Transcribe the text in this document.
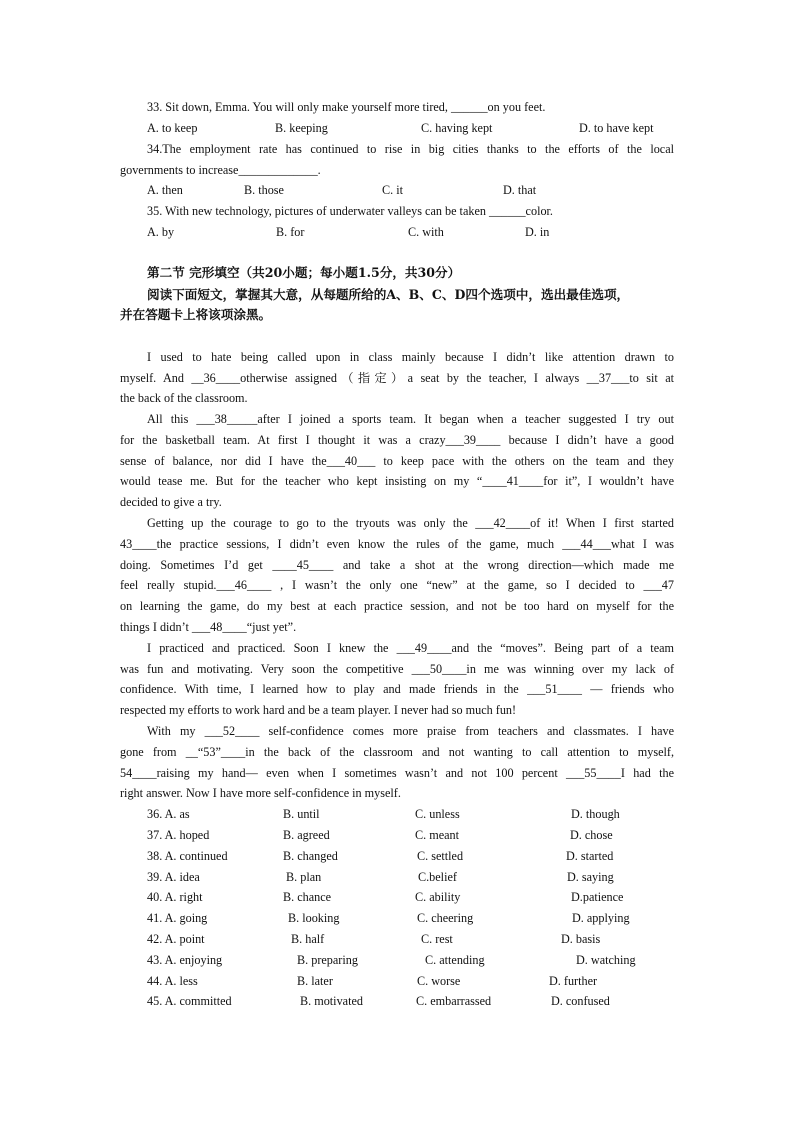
33. Sit down, Emma. You will only make yourself more tired, ______on you feet.
A. to keep	B. keeping	C. having kept	D. to have kept
34.The employment rate has continued to rise in big cities thanks to the efforts of the local
governments to increase_____________.
A. then	B. those	C. it	D. that
35. With new technology, pictures of underwater valleys can be taken ______color.
A. by	B. for	C. with	D. in
第二节 完形填空（共20小题；每小题1.5分，共30分）
阅读下面短文，掌握其大意，从每题所给的A、B、C、D四个选项中，选出最佳选项，
并在答题卡上将该项涂黑。
I used to hate being called upon in class mainly because I didn’t like attention drawn to
myself. And __36____otherwise assigned（指定）a seat by the teacher, I always __37___to sit at
the back of the classroom.
All this ___38_____after I joined a sports team. It began when a teacher suggested I try out
for the basketball team. At first I thought it was a crazy___39____ because I didn’t have a good
sense of balance, nor did I have the___40___ to keep pace with the others on the team and they
would tease me. But for the teacher who kept insisting on my “____41____for it”, I wouldn’t have
decided to give a try.
Getting up the courage to go to the tryouts was only the ___42____of it! When I first started
43____the practice sessions, I didn’t even know the rules of the game, much ___44___what I was
doing. Sometimes I’d get ____45____ and take a shot at the wrong direction—which made me
feel really stupid.___46____ , I wasn’t the only one “new” at the game, so I decided to ___47
on learning the game, do my best at each practice session, and not be too hard on myself for the
things I didn’t ___48____“just yet”.
I practiced and practiced. Soon I knew the ___49____and the “moves”. Being part of a team
was fun and motivating. Very soon the competitive ___50____in me was winning over my lack of
confidence. With time, I learned how to play and made friends in the ___51____ — friends who
respected my efforts to work hard and be a team player. I never had so much fun!
With my ___52____ self-confidence comes more praise from teachers and classmates. I have
gone from __“53”____in the back of the classroom and not wanting to call attention to myself,
54____raising my hand— even when I sometimes wasn’t and not 100 percent ___55____I had the
right answer. Now I have more self-confidence in myself.
36. A. as	B. until	C. unless	D. though
37. A. hoped	B. agreed	C. meant	D. chose
38. A. continued	B. changed	C. settled	D. started
39. A. idea	B. plan	C.belief	D. saying
40. A. right	B. chance	C. ability	D.patience
41. A. going	B. looking	C. cheering	D. applying
42. A. point	B. half	C. rest	D. basis
43. A. enjoying	B. preparing	C. attending	D. watching
44. A. less	B. later	C. worse	D. further
45. A. committed	B. motivated	C. embarrassed	D. confused
